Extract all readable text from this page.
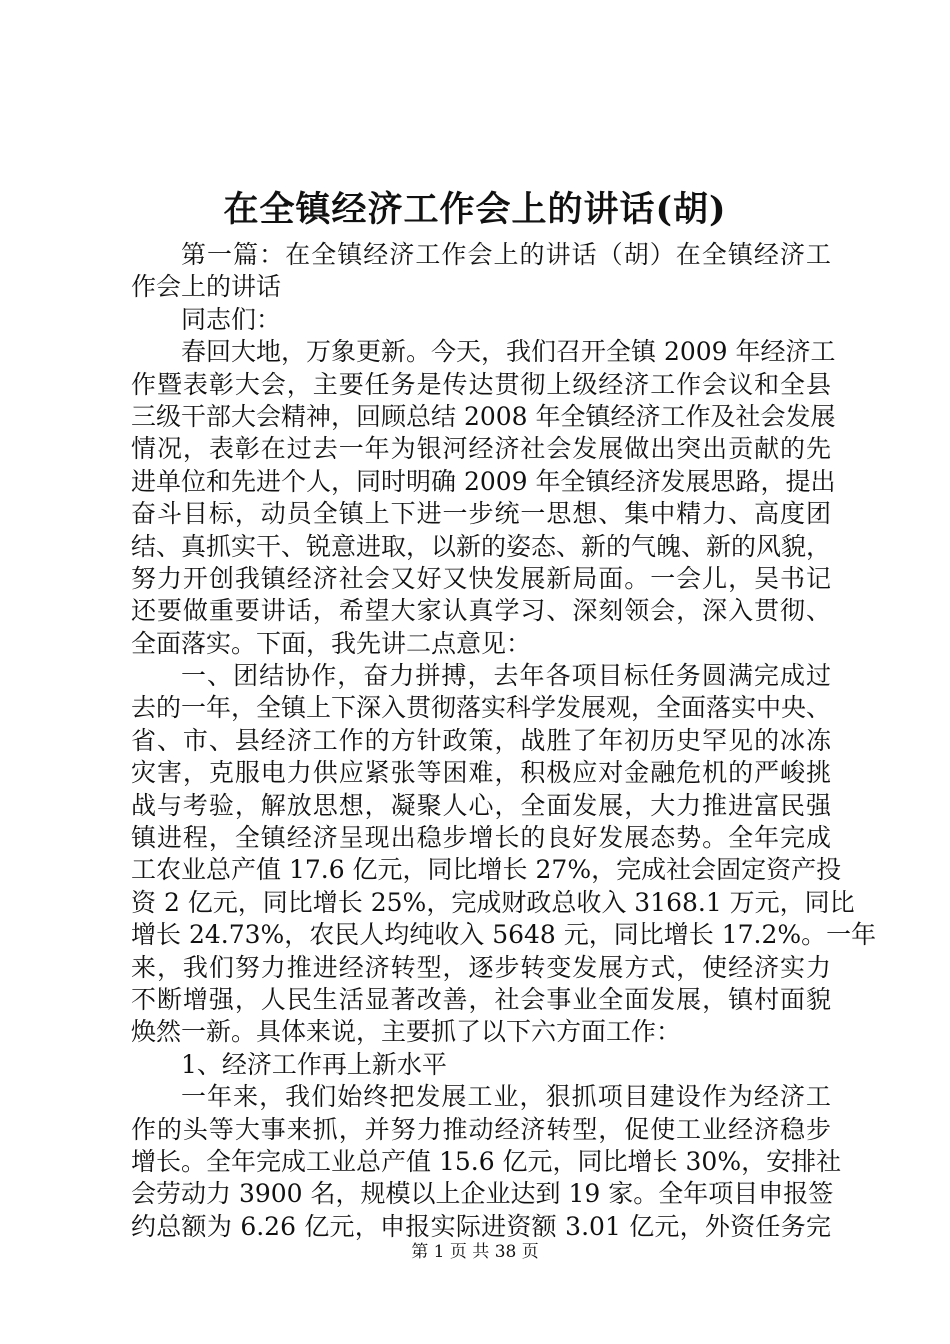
在全镇经济工作会上的讲话(胡)
第一篇：在全镇经济工作会上的讲话（胡）在全镇经济工
作会上的讲话
同志们：
春回大地，万象更新。今天，我们召开全镇 2009 年经济工
作暨表彰大会，主要任务是传达贯彻上级经济工作会议和全县
三级干部大会精神，回顾总结 2008 年全镇经济工作及社会发展
情况，表彰在过去一年为银河经济社会发展做出突出贡献的先
进单位和先进个人，同时明确 2009 年全镇经济发展思路，提出
奋斗目标，动员全镇上下进一步统一思想、集中精力、高度团
结、真抓实干、锐意进取，以新的姿态、新的气魄、新的风貌，
努力开创我镇经济社会又好又快发展新局面。一会儿，吴书记
还要做重要讲话，希望大家认真学习、深刻领会，深入贯彻、
全面落实。下面，我先讲二点意见：
一、团结协作，奋力拼搏，去年各项目标任务圆满完成过
去的一年，全镇上下深入贯彻落实科学发展观，全面落实中央、
省、市、县经济工作的方针政策，战胜了年初历史罕见的冰冻
灾害，克服电力供应紧张等困难，积极应对金融危机的严峻挑
战与考验，解放思想，凝聚人心，全面发展，大力推进富民强
镇进程，全镇经济呈现出稳步增长的良好发展态势。全年完成
工农业总产值 17.6 亿元，同比增长 27%，完成社会固定资产投
资 2 亿元，同比增长 25%，完成财政总收入 3168.1 万元，同比
增长 24.73%，农民人均纯收入 5648 元，同比增长 17.2%。一年
来，我们努力推进经济转型，逐步转变发展方式，使经济实力
不断增强，人民生活显著改善，社会事业全面发展，镇村面貌
焕然一新。具体来说，主要抓了以下六方面工作：
1、经济工作再上新水平
一年来，我们始终把发展工业，狠抓项目建设作为经济工
作的头等大事来抓，并努力推动经济转型，促使工业经济稳步
增长。全年完成工业总产值 15.6 亿元，同比增长 30%，安排社
会劳动力 3900 名，规模以上企业达到 19 家。全年项目申报签
约总额为 6.26 亿元，申报实际进资额 3.01 亿元，外资任务完
第 1 页 共 38 页
